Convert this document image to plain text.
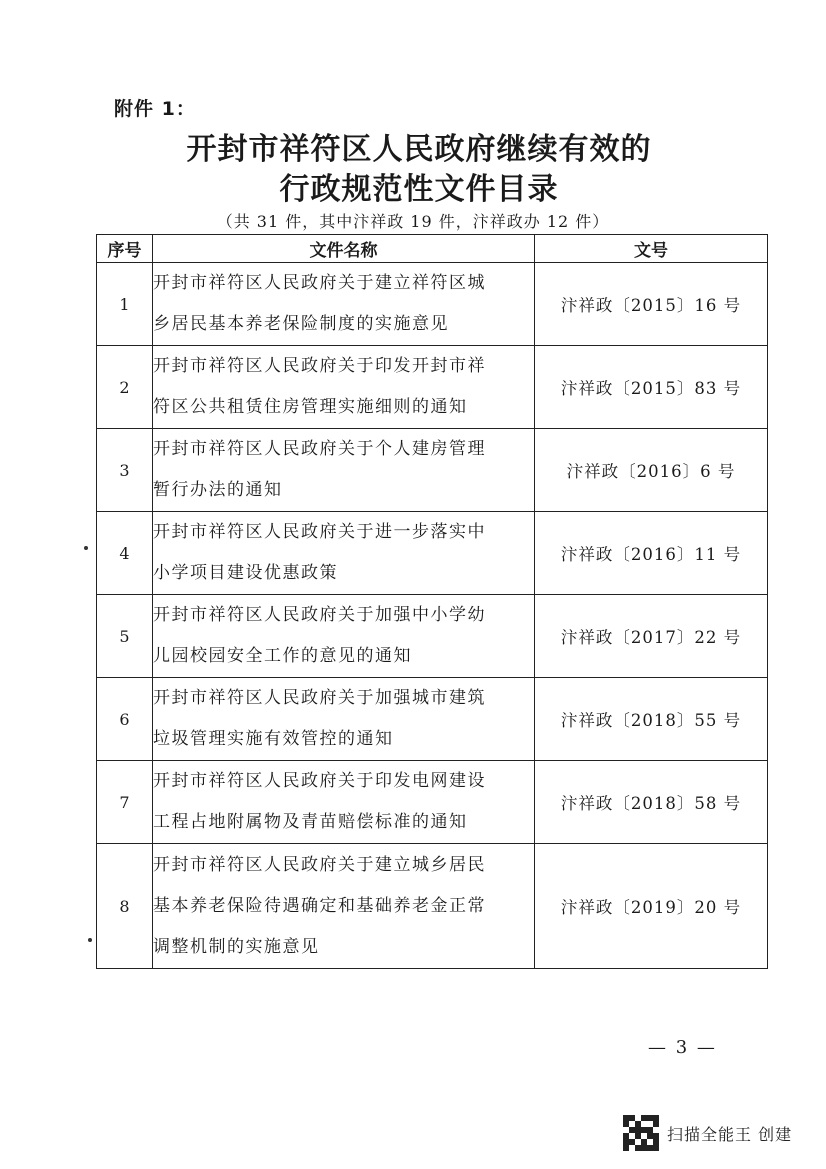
附件 1：
开封市祥符区人民政府继续有效的
行政规范性文件目录
（共 31 件，其中汴祥政 19 件，汴祥政办 12 件）
序号	文件名称	文号
1	开封市祥符区人民政府关于建立祥符区城
乡居民基本养老保险制度的实施意见	汴祥政〔2015〕16 号
2	开封市祥符区人民政府关于印发开封市祥
符区公共租赁住房管理实施细则的通知	汴祥政〔2015〕83 号
3	开封市祥符区人民政府关于个人建房管理
暂行办法的通知	汴祥政〔2016〕6 号
4	开封市祥符区人民政府关于进一步落实中
小学项目建设优惠政策	汴祥政〔2016〕11 号
5	开封市祥符区人民政府关于加强中小学幼
儿园校园安全工作的意见的通知	汴祥政〔2017〕22 号
6	开封市祥符区人民政府关于加强城市建筑
垃圾管理实施有效管控的通知	汴祥政〔2018〕55 号
7	开封市祥符区人民政府关于印发电网建设
工程占地附属物及青苗赔偿标准的通知	汴祥政〔2018〕58 号
8	开封市祥符区人民政府关于建立城乡居民
基本养老保险待遇确定和基础养老金正常
调整机制的实施意见	汴祥政〔2019〕20 号
— 3 —
扫描全能王 创建
